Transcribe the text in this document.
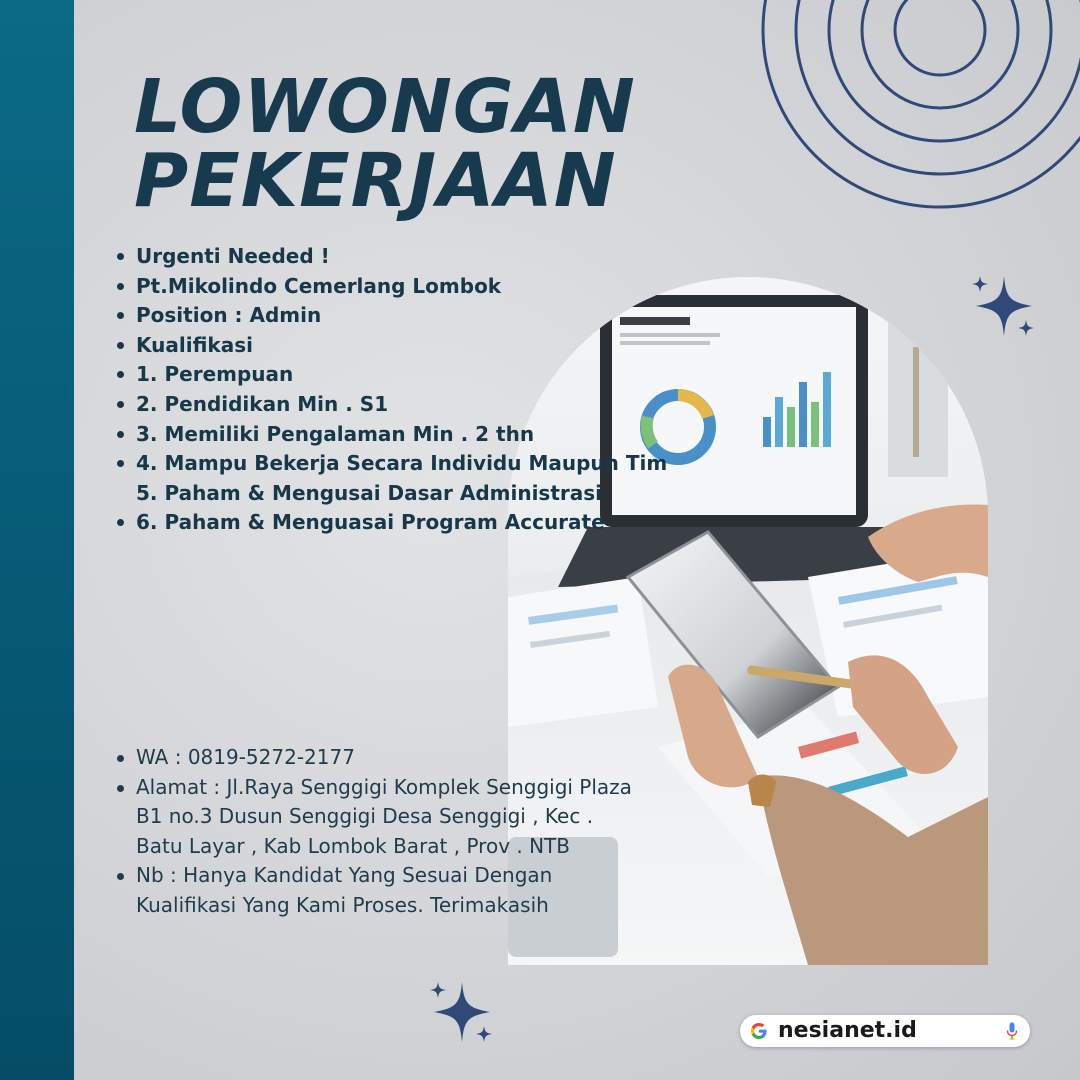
LOWONGAN
PEKERJAAN
Urgenti Needed !
Pt.Mikolindo Cemerlang Lombok
Position : Admin
Kualifikasi
1. Perempuan
2. Pendidikan Min . S1
3. Memiliki Pengalaman Min . 2 thn
4. Mampu Bekerja Secara Individu Maupun Tim
5. Paham & Mengusai Dasar Administrasi
6. Paham & Menguasai Program Accurate
WA : 0819-5272-2177
Alamat : Jl.Raya Senggigi Komplek Senggigi Plaza
B1 no.3 Dusun Senggigi Desa Senggigi , Kec .
Batu Layar , Kab Lombok Barat , Prov . NTB
Nb : Hanya Kandidat Yang Sesuai Dengan
Kualifikasi Yang Kami Proses. Terimakasih
nesianet.id
